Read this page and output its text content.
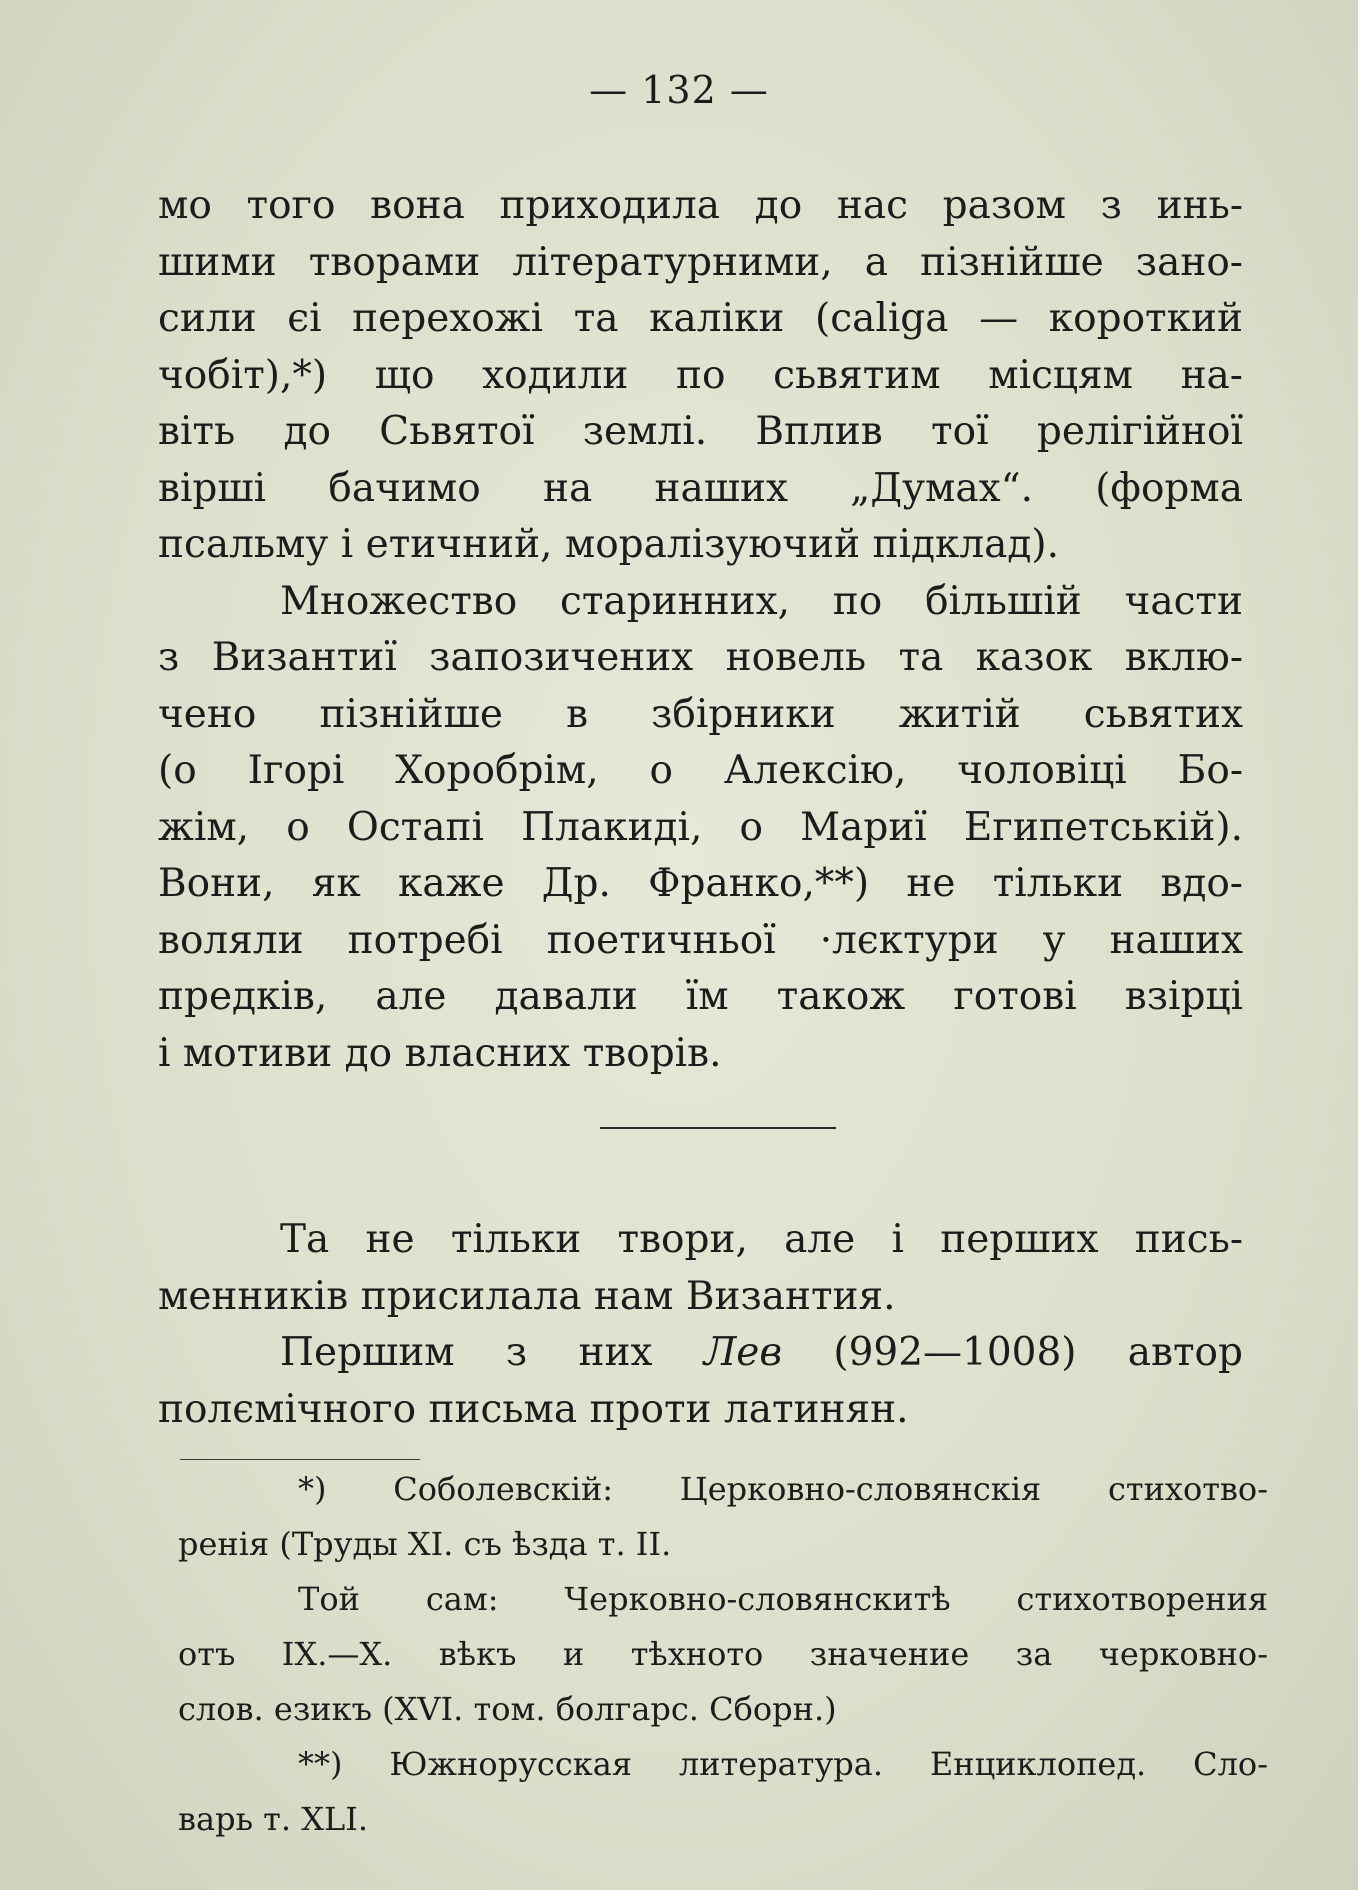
— 132 —
мо того вона приходила до нас разом з инь-
шими творами літературними, а пізнійше зано-
сили єі перехожі та каліки (caliga — короткий
чобіт),*) що ходили по сьвятим місцям на-
віть до Сьвятої землі. Вплив тої релігійної
вірші бачимо на наших „Думах“. (форма
псальму і етичний, моралізуючий підклад).
Множество старинних, по більшій части
з Византиї запозичених новель та казок вклю-
чено пізнійше в збірники житій сьвятих
(о Ігорі Хоробрім, о Алексію, чоловіці Бо-
жім, о Остапі Плакиді, о Мариї Египетській).
Вони, як каже Др. Франко,**) не тільки вдо-
воляли потребі поетичньої ·лєктури у наших
предків, але давали їм також готові взірці
і мотиви до власних творів.
Та не тільки твори, але і перших пись-
менників присилала нам Византия.
Першим з них Лев (992—1008) автор
полємічного письма проти латинян.
*) Соболевскій: Церковно-словянскія стихотво-
ренія (Труды XI. съ ѣзда т. II.
Той сам: Черковно-словянскитѣ стихотворения
отъ IX.—X. вѣкъ и тѣхното значение за черковно-
слов. езикъ (XVI. том. болгарс. Сборн.)
**) Южнорусская литература. Енциклопед. Сло-
варь т. XLI.
